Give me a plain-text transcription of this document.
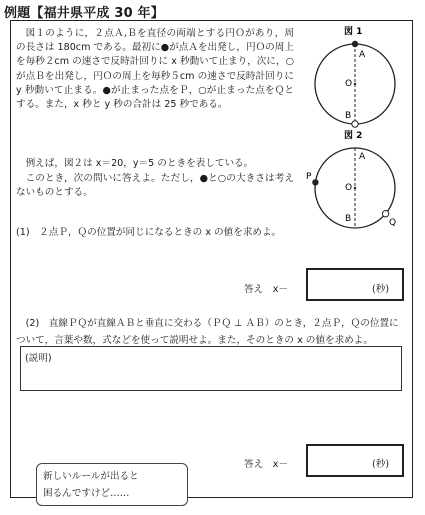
例題【福井県平成 30 年】

図１のように，２点Ａ,Ｂを直径の両端とする円Ｏがあり，周の長さは 180cm である。最初に●が点Ａを出発し，円Ｏの周上を毎秒２cm の速さで反時計回りに x 秒動いて止まり，次に，○が点Ｂを出発し，円Ｏの周上を毎秒５cm の速さで反時計回りに y 秒動いて止まる。●が止まった点をＰ，○が止まった点をＱとする。また，x 秒と y 秒の合計は 25 秒である。

例えば，図２は x＝20，y＝5 のときを表している。

このとき，次の問いに答えよ。ただし，●と○の大きさは考えないものとする。

図 1
A
O
B
図 2
A
O
B
P
Q
(1)　２点Ｐ，Ｑの位置が同じになるときの x の値を求めよ。
答え　x－	(秒)

(2)　直線ＰＱが直線ＡＢと垂直に交わる（ＰＱ ⊥ ＡＢ）のとき，２点Ｐ，Ｑの位置について，言葉や数，式などを使って説明せよ。また，そのときの x の値を求めよ。

(説明)
答え　x－	(秒)

新しいルールが出ると

困るんですけど……
